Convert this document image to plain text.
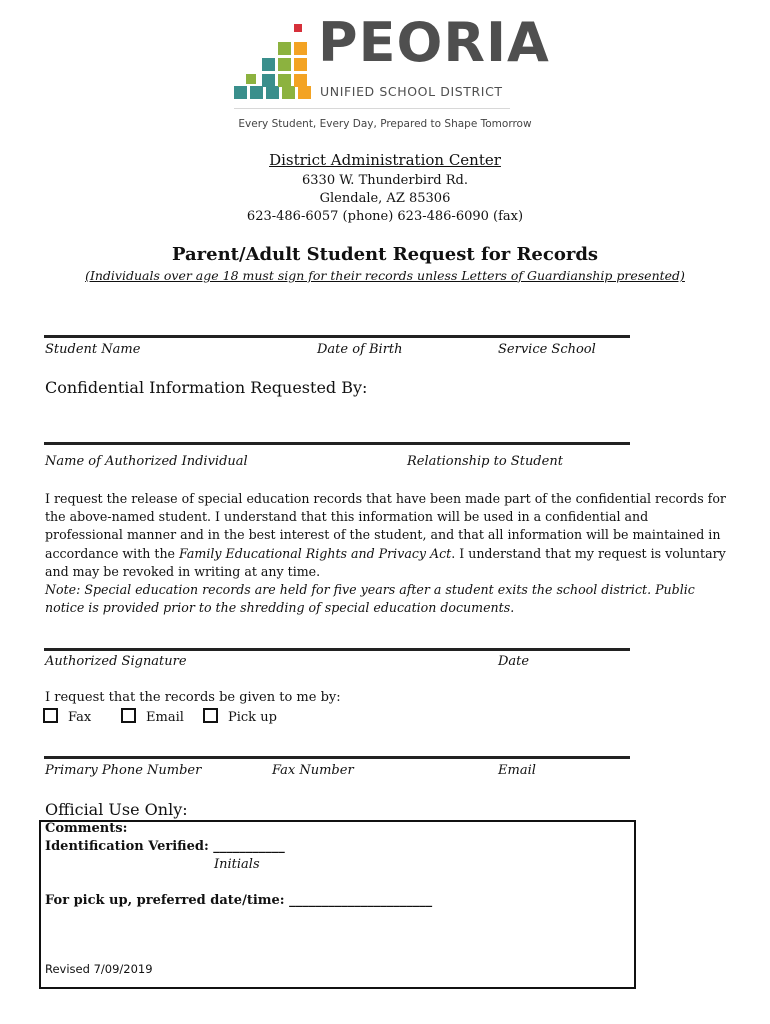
PEORIA
UNIFIED SCHOOL DISTRICT
Every Student, Every Day, Prepared to Shape Tomorrow
District Administration Center
6330 W. Thunderbird Rd.
Glendale, AZ 85306
623-486-6057 (phone) 623-486-6090 (fax)
Parent/Adult Student Request for Records
(Individuals over age 18 must sign for their records unless Letters of Guardianship presented)
Student Name	Date of Birth	Service School
Confidential Information Requested By:
Name of Authorized Individual	Relationship to Student

I request the release of special education records that have been made part of the confidential records for the above-named student. I understand that this information will be used in a confidential and professional manner and in the best interest of the student, and that all information will be maintained in accordance with the Family Educational Rights and Privacy Act. I understand that my request is voluntary and may be revoked in writing at any time.
Note: Special education records are held for five years after a student exits the school district. Public notice is provided prior to the shredding of special education documents.

Authorized Signature	Date
I request that the records be given to me by:
Fax	Email	Pick up
Primary Phone Number	Fax Number	Email
Official Use Only:
Comments:
Identification Verified: ___________
Initials
For pick up, preferred date/time: ______________________
Revised 7/09/2019
